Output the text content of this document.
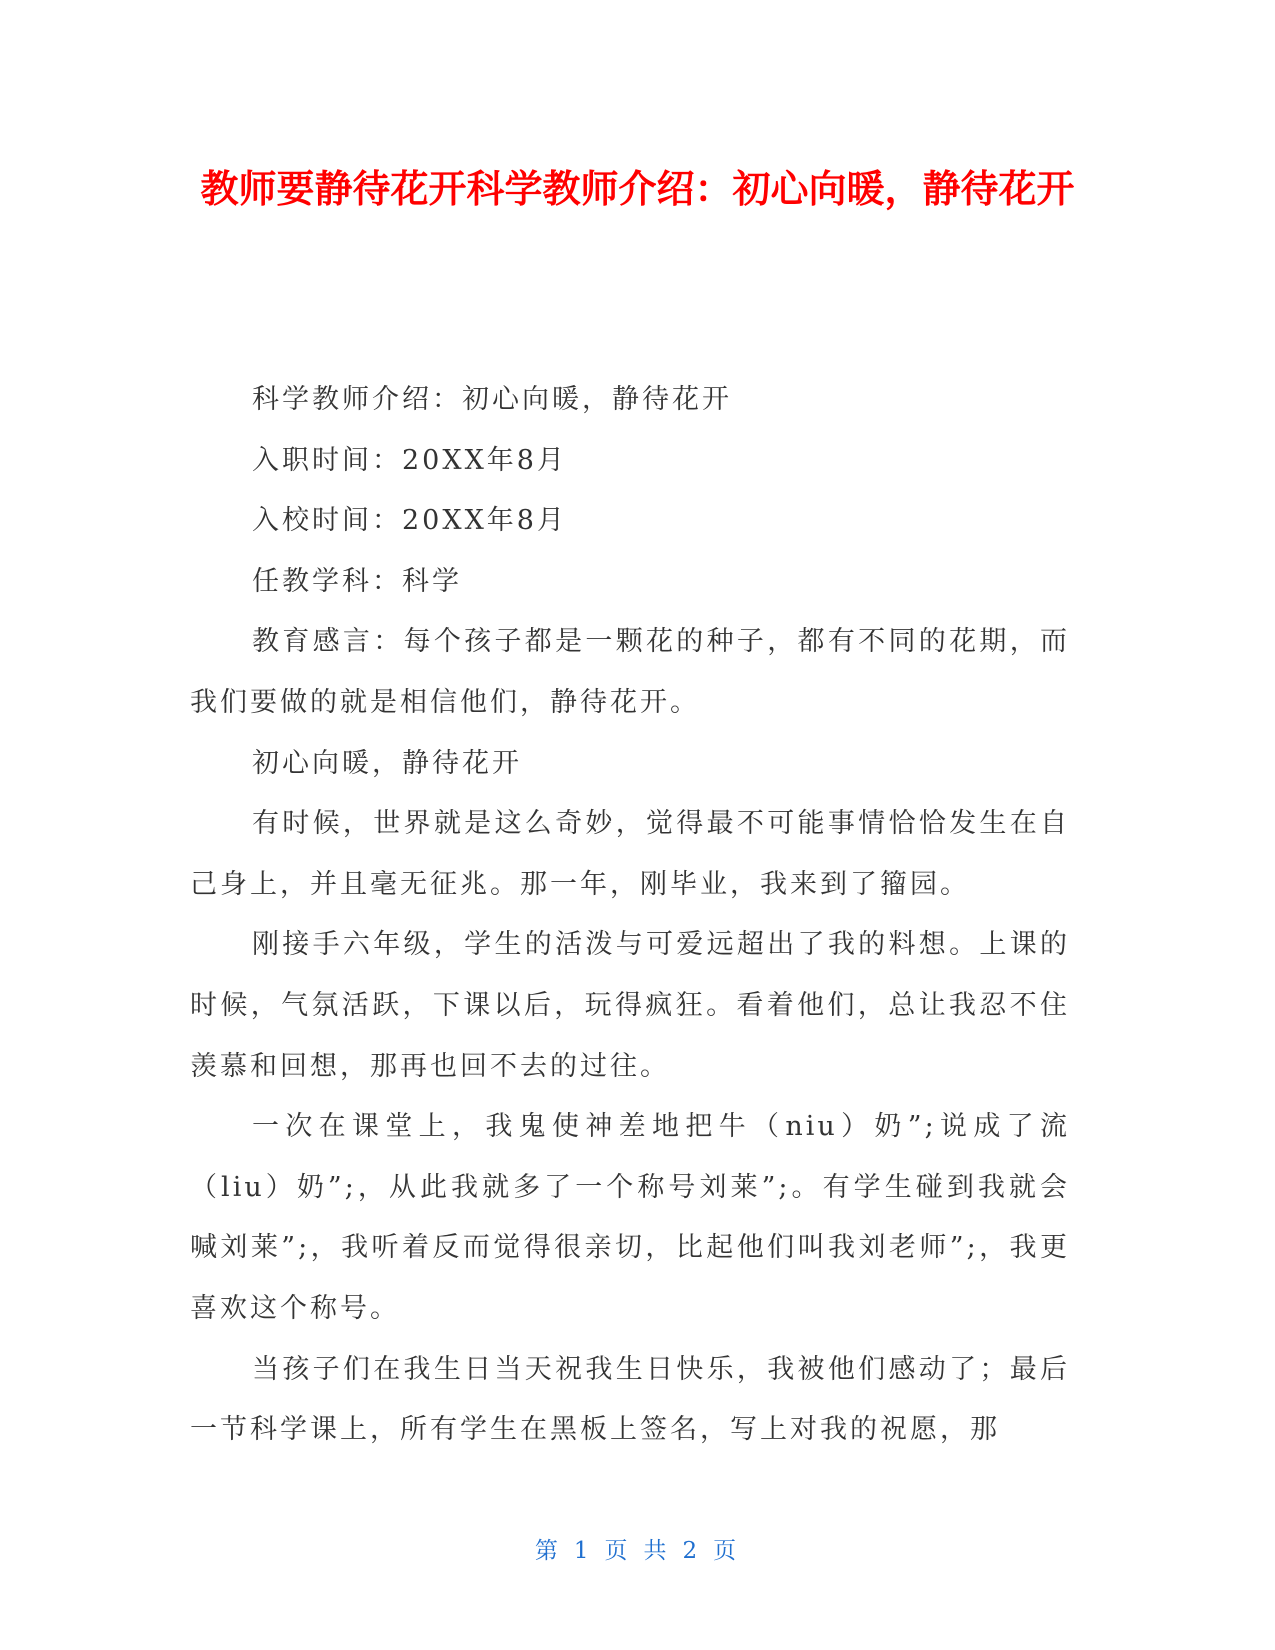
教师要静待花开科学教师介绍：初心向暖，静待花开

科学教师介绍：初心向暖，静待花开

入职时间：20XX年8月

入校时间：20XX年8月

任教学科：科学

教育感言：每个孩子都是一颗花的种子，都有不同的花期，而我们要做的就是相信他们，静待花开。

初心向暖，静待花开

有时候，世界就是这么奇妙，觉得最不可能事情恰恰发生在自己身上，并且毫无征兆。那一年，刚毕业，我来到了籀园。

刚接手六年级，学生的活泼与可爱远超出了我的料想。上课的时候，气氛活跃，下课以后，玩得疯狂。看着他们，总让我忍不住羡慕和回想，那再也回不去的过往。

一次在课堂上，我鬼使神差地把牛（niu）奶”;说成了流（liu）奶”;，从此我就多了一个称号刘莱”;。有学生碰到我就会喊刘莱”;，我听着反而觉得很亲切，比起他们叫我刘老师”;，我更喜欢这个称号。

当孩子们在我生日当天祝我生日快乐，我被他们感动了；最后一节科学课上，所有学生在黑板上签名，写上对我的祝愿，那

第 1 页 共 2 页
